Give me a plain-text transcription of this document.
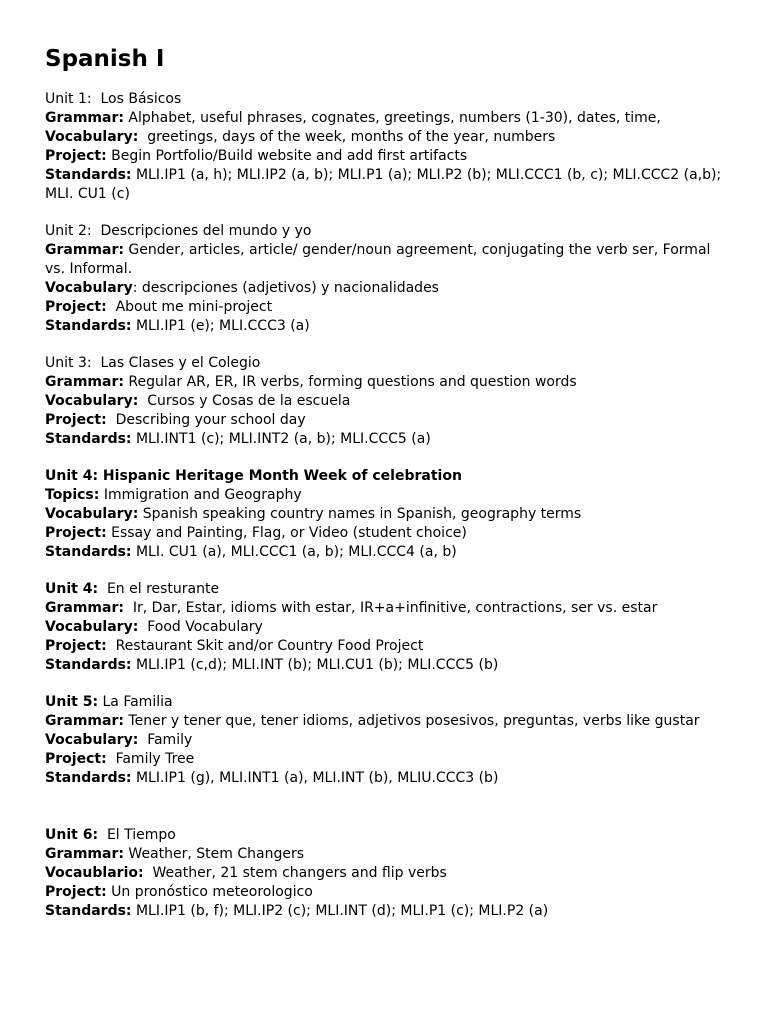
Spanish I
Unit 1: Los Básicos
Grammar: Alphabet, useful phrases, cognates, greetings, numbers (1-30), dates, time,
Vocabulary: greetings, days of the week, months of the year, numbers
Project: Begin Portfolio/Build website and add first artifacts
Standards: MLI.IP1 (a, h); MLI.IP2 (a, b); MLI.P1 (a); MLI.P2 (b); MLI.CCC1 (b, c); MLI.CCC2 (a,b); MLI. CU1 (c)
Unit 2: Descripciones del mundo y yo
Grammar: Gender, articles, article/ gender/noun agreement, conjugating the verb ser, Formal vs. Informal.
Vocabulary: descripciones (adjetivos) y nacionalidades
Project: About me mini-project
Standards: MLI.IP1 (e); MLI.CCC3 (a)
Unit 3: Las Clases y el Colegio
Grammar: Regular AR, ER, IR verbs, forming questions and question words
Vocabulary: Cursos y Cosas de la escuela
Project: Describing your school day
Standards: MLI.INT1 (c); MLI.INT2 (a, b); MLI.CCC5 (a)
Unit 4: Hispanic Heritage Month Week of celebration
Topics: Immigration and Geography
Vocabulary: Spanish speaking country names in Spanish, geography terms
Project: Essay and Painting, Flag, or Video (student choice)
Standards: MLI. CU1 (a), MLI.CCC1 (a, b); MLI.CCC4 (a, b)
Unit 4: En el resturante
Grammar: Ir, Dar, Estar, idioms with estar, IR+a+infinitive, contractions, ser vs. estar
Vocabulary: Food Vocabulary
Project: Restaurant Skit and/or Country Food Project
Standards: MLI.IP1 (c,d); MLI.INT (b); MLI.CU1 (b); MLI.CCC5 (b)
Unit 5: La Familia
Grammar: Tener y tener que, tener idioms, adjetivos posesivos, preguntas, verbs like gustar
Vocabulary: Family
Project: Family Tree
Standards: MLI.IP1 (g), MLI.INT1 (a), MLI.INT (b), MLIU.CCC3 (b)
Unit 6: El Tiempo
Grammar: Weather, Stem Changers
Vocaublario: Weather, 21 stem changers and flip verbs
Project: Un pronóstico meteorologico
Standards: MLI.IP1 (b, f); MLI.IP2 (c); MLI.INT (d); MLI.P1 (c); MLI.P2 (a)
